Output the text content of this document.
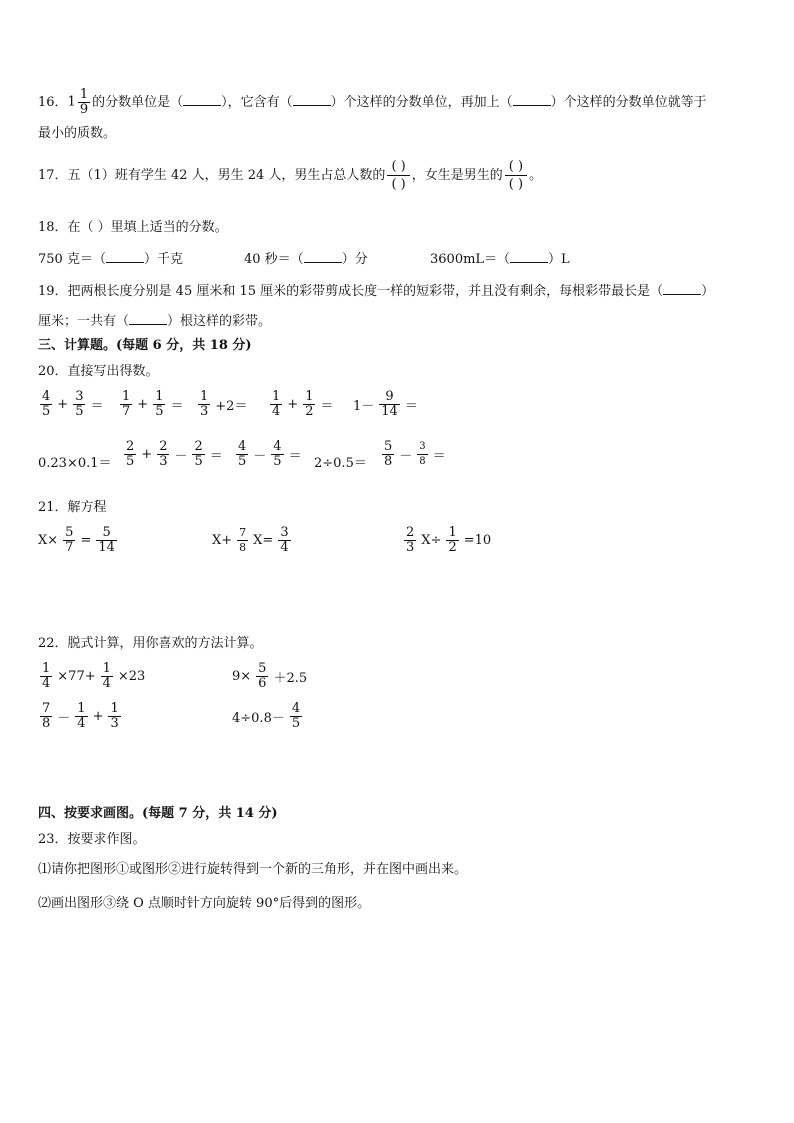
16．$1 \frac{1}{9}$ 的分数单位是（	），它含有（	）个这样的分数单位，再加上（	）个这样的分数单位就等于
最小的质数。
17．五（1）班有学生 42 人，男生 24 人，男生占总人数的
( )
( )
，女生是男生的
( )
( )
。
18．在（ ）里填上适当的分数。
750 克＝（	）千克	40 秒＝（	）分	3600mL＝（	）L
19．把两根长度分别是 45 厘米和 15 厘米的彩带剪成长度一样的短彩带，并且没有剩余，每根彩带最长是（	）
厘米；一共有（	）根这样的彩带。
三、计算题。(每题 6 分，共 18 分)
20．直接写出得数。
$\frac{4}{5} + \frac{3}{5} = \frac{1}{7} + \frac{1}{5} = \frac{1}{3} +2= \frac{1}{4} + \frac{1}{2} = 1- \frac{9}{14}$ ＝
$0.23\times 0.1= \frac{2}{5} + \frac{2}{3} - \frac{2}{5} = \frac{4}{5} - \frac{4}{5} = 2\div 0.5= \frac{5}{8} - \frac{3}{8}$ ＝
21．解方程
$X\times \frac{5}{7} = \frac{5}{14}$	$X+ \frac{7}{8} X= \frac{3}{4}$	$\frac{2}{3} X\div \frac{1}{2} =10$
22．脱式计算，用你喜欢的方法计算。
$\frac{1}{4} \times 77+ \frac{1}{4} \times 23$	$9\times \frac{5}{6} +2.5$
$\frac{7}{8} - \frac{1}{4} + \frac{1}{3}$	$4\div 0.8- \frac{4}{5}$
四、按要求画图。(每题 7 分，共 14 分)
23．按要求作图。
⑴请你把图形①或图形②进行旋转得到一个新的三角形，并在图中画出来。
⑵画出图形③绕 O 点顺时针方向旋转 90°后得到的图形。
